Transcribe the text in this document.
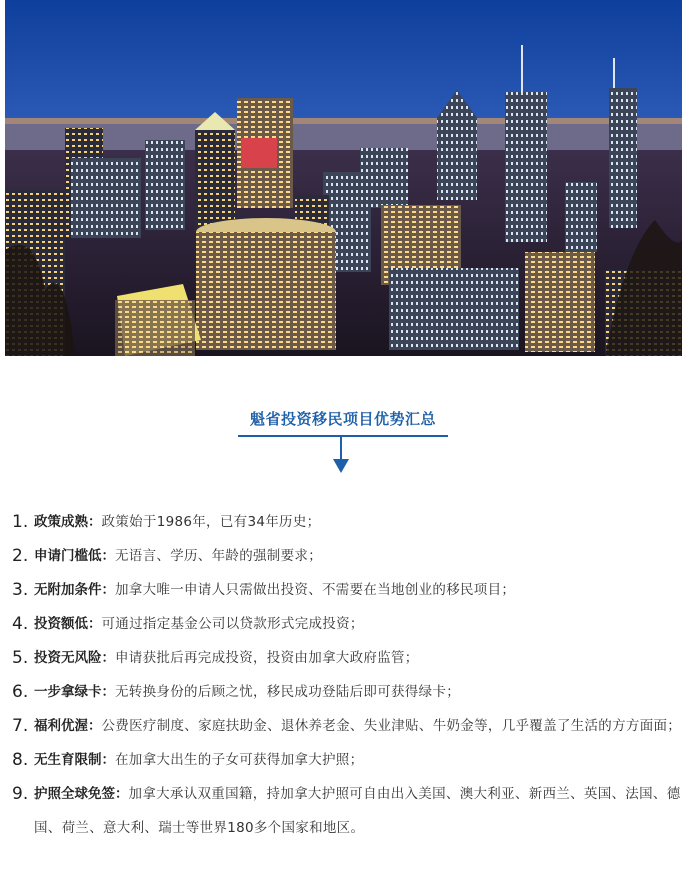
魁省投资移民项目优势汇总
1. 政策成熟：政策始于1986年，已有34年历史；
2. 申请门槛低：无语言、学历、年龄的强制要求；
3. 无附加条件：加拿大唯一申请人只需做出投资、不需要在当地创业的移民项目；
4. 投资额低：可通过指定基金公司以贷款形式完成投资；
5. 投资无风险：申请获批后再完成投资，投资由加拿大政府监管；
6. 一步拿绿卡：无转换身份的后顾之忧，移民成功登陆后即可获得绿卡；
7. 福利优渥：公费医疗制度、家庭扶助金、退休养老金、失业津贴、牛奶金等，几乎覆盖了生活的方方面面；
8. 无生育限制：在加拿大出生的子女可获得加拿大护照；
9. 护照全球免签：加拿大承认双重国籍，持加拿大护照可自由出入美国、澳大利亚、新西兰、英国、法国、德国、荷兰、意大利、瑞士等世界180多个国家和地区。
